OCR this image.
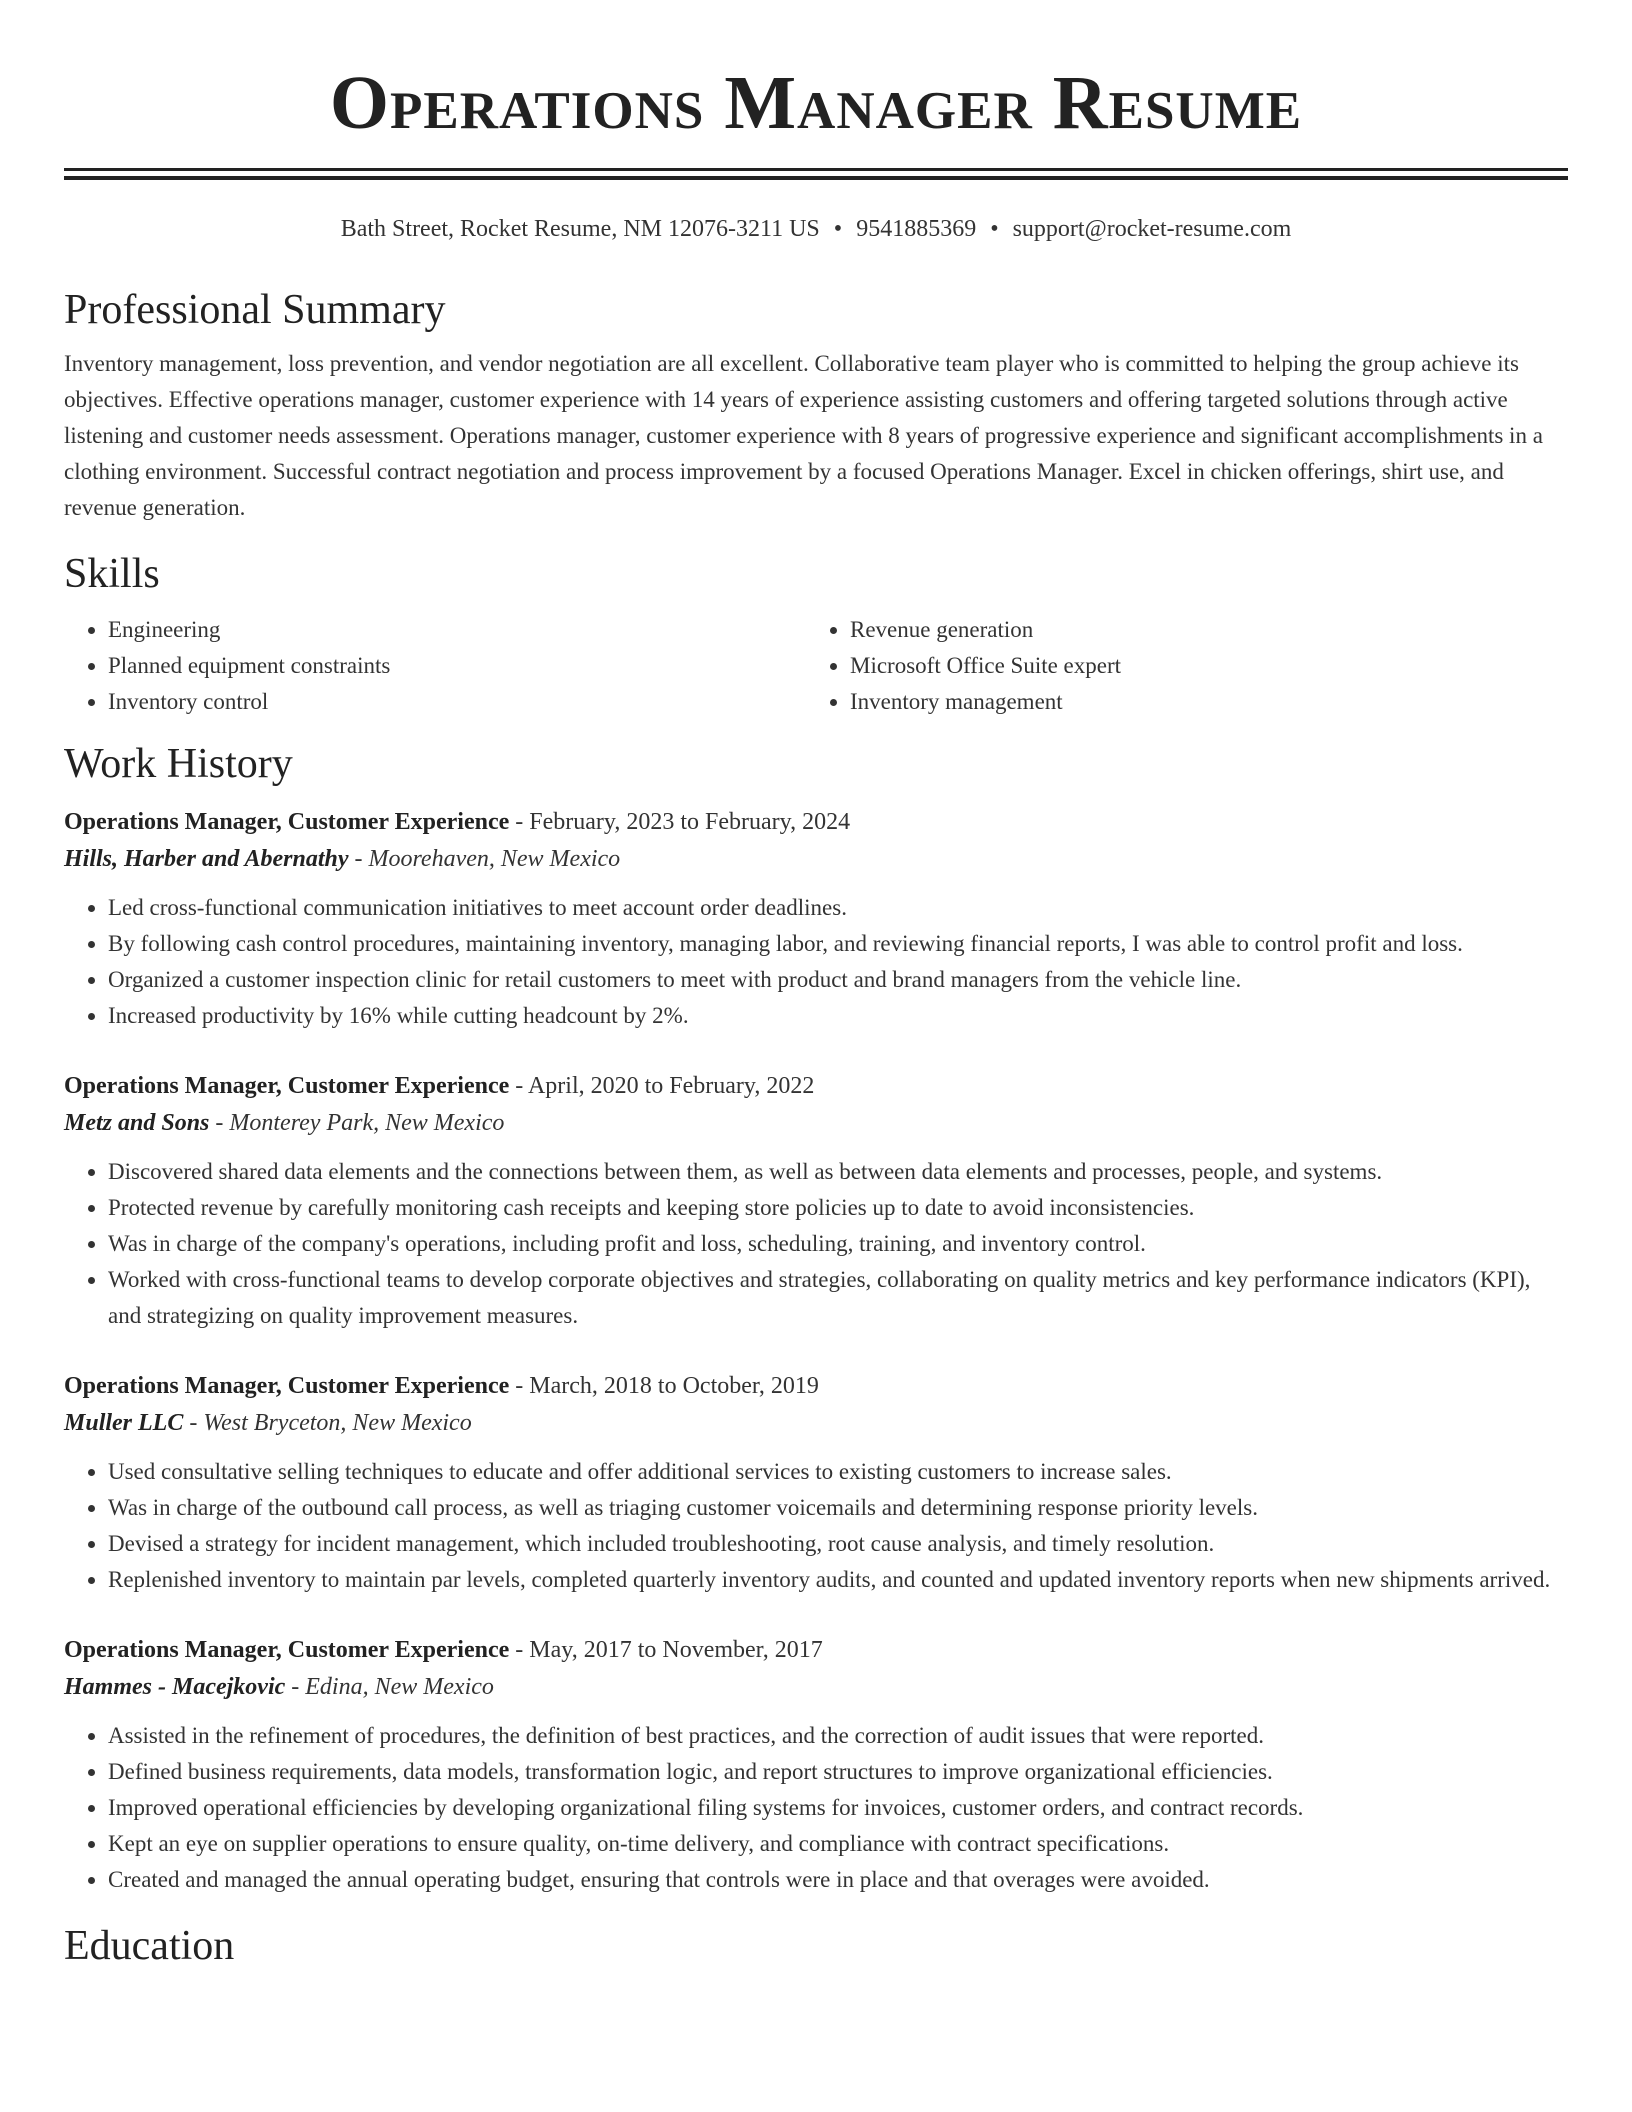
Operations Manager Resume
Bath Street, Rocket Resume, NM 12076-3211 US • 9541885369 • support@rocket-resume.com
Professional Summary

Inventory management, loss prevention, and vendor negotiation are all excellent. Collaborative team player who is committed to helping the group achieve its objectives. Effective operations manager, customer experience with 14 years of experience assisting customers and offering targeted solutions through active listening and customer needs assessment. Operations manager, customer experience with 8 years of progressive experience and significant accomplishments in a clothing environment. Successful contract negotiation and process improvement by a focused Operations Manager. Excel in chicken offerings, shirt use, and revenue generation.

Skills
• Engineering
• Planned equipment constraints
• Inventory control
• Revenue generation
• Microsoft Office Suite expert
• Inventory management
Work History
Operations Manager, Customer Experience - February, 2023 to February, 2024
Hills, Harber and Abernathy - Moorehaven, New Mexico
• Led cross-functional communication initiatives to meet account order deadlines.
• By following cash control procedures, maintaining inventory, managing labor, and reviewing financial reports, I was able to control profit and loss.
• Organized a customer inspection clinic for retail customers to meet with product and brand managers from the vehicle line.
• Increased productivity by 16% while cutting headcount by 2%.
Operations Manager, Customer Experience - April, 2020 to February, 2022
Metz and Sons - Monterey Park, New Mexico
• Discovered shared data elements and the connections between them, as well as between data elements and processes, people, and systems.
• Protected revenue by carefully monitoring cash receipts and keeping store policies up to date to avoid inconsistencies.
• Was in charge of the company's operations, including profit and loss, scheduling, training, and inventory control.
• Worked with cross-functional teams to develop corporate objectives and strategies, collaborating on quality metrics and key performance indicators (KPI), and strategizing on quality improvement measures.
Operations Manager, Customer Experience - March, 2018 to October, 2019
Muller LLC - West Bryceton, New Mexico
• Used consultative selling techniques to educate and offer additional services to existing customers to increase sales.
• Was in charge of the outbound call process, as well as triaging customer voicemails and determining response priority levels.
• Devised a strategy for incident management, which included troubleshooting, root cause analysis, and timely resolution.
• Replenished inventory to maintain par levels, completed quarterly inventory audits, and counted and updated inventory reports when new shipments arrived.
Operations Manager, Customer Experience - May, 2017 to November, 2017
Hammes - Macejkovic - Edina, New Mexico
• Assisted in the refinement of procedures, the definition of best practices, and the correction of audit issues that were reported.
• Defined business requirements, data models, transformation logic, and report structures to improve organizational efficiencies.
• Improved operational efficiencies by developing organizational filing systems for invoices, customer orders, and contract records.
• Kept an eye on supplier operations to ensure quality, on-time delivery, and compliance with contract specifications.
• Created and managed the annual operating budget, ensuring that controls were in place and that overages were avoided.
Education
